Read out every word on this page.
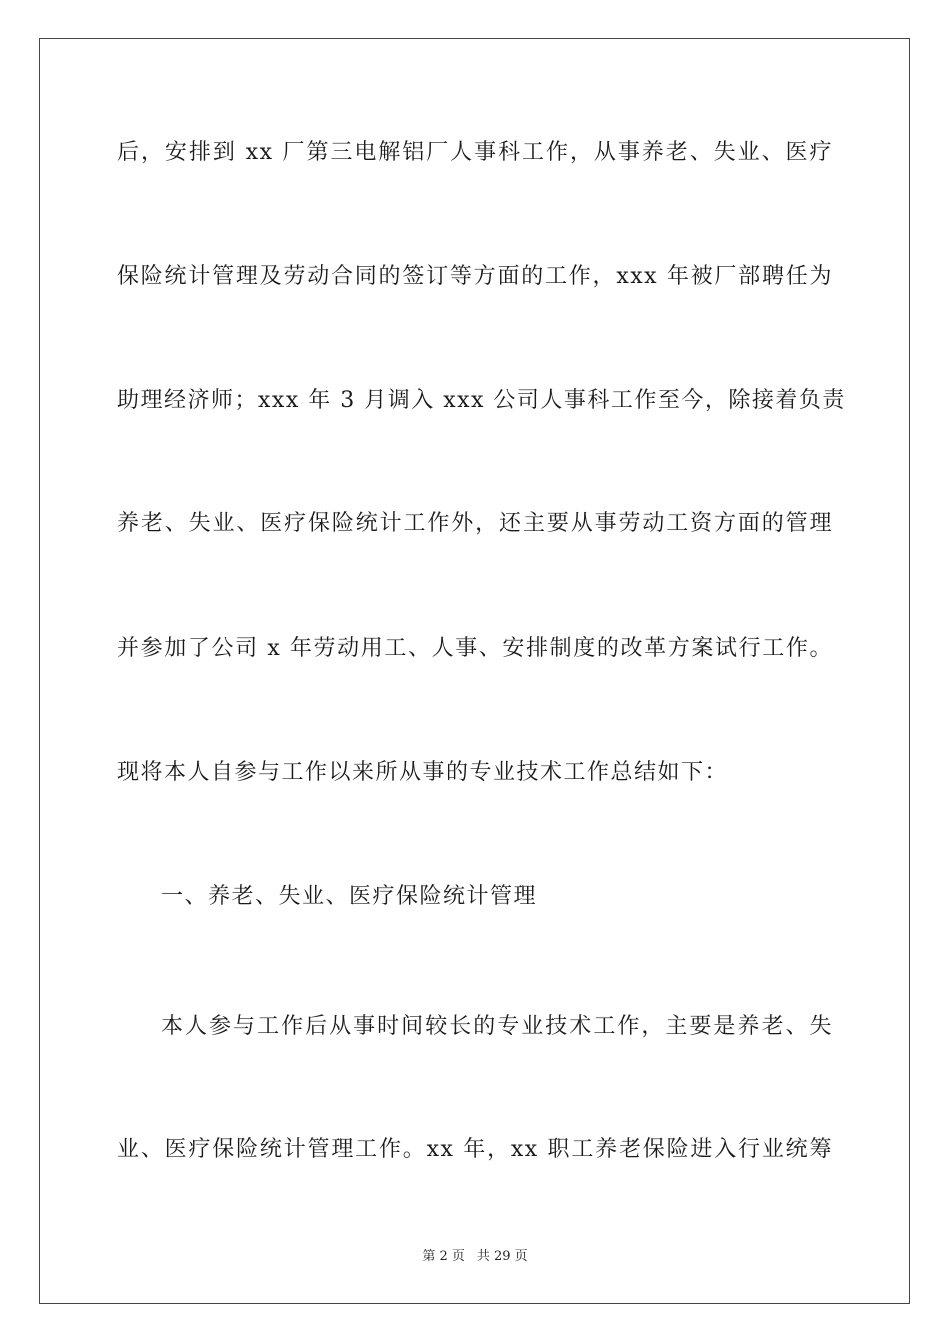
后，安排到 xx 厂第三电解铝厂人事科工作，从事养老、失业、医疗
保险统计管理及劳动合同的签订等方面的工作，xxx 年被厂部聘任为
助理经济师；xxx 年 3 月调入 xxx 公司人事科工作至今，除接着负责
养老、失业、医疗保险统计工作外，还主要从事劳动工资方面的管理
并参加了公司 x 年劳动用工、人事、安排制度的改革方案试行工作。
现将本人自参与工作以来所从事的专业技术工作总结如下：
一、养老、失业、医疗保险统计管理
本人参与工作后从事时间较长的专业技术工作，主要是养老、失
业、医疗保险统计管理工作。xx 年，xx 职工养老保险进入行业统筹
第 2 页 共 29 页
